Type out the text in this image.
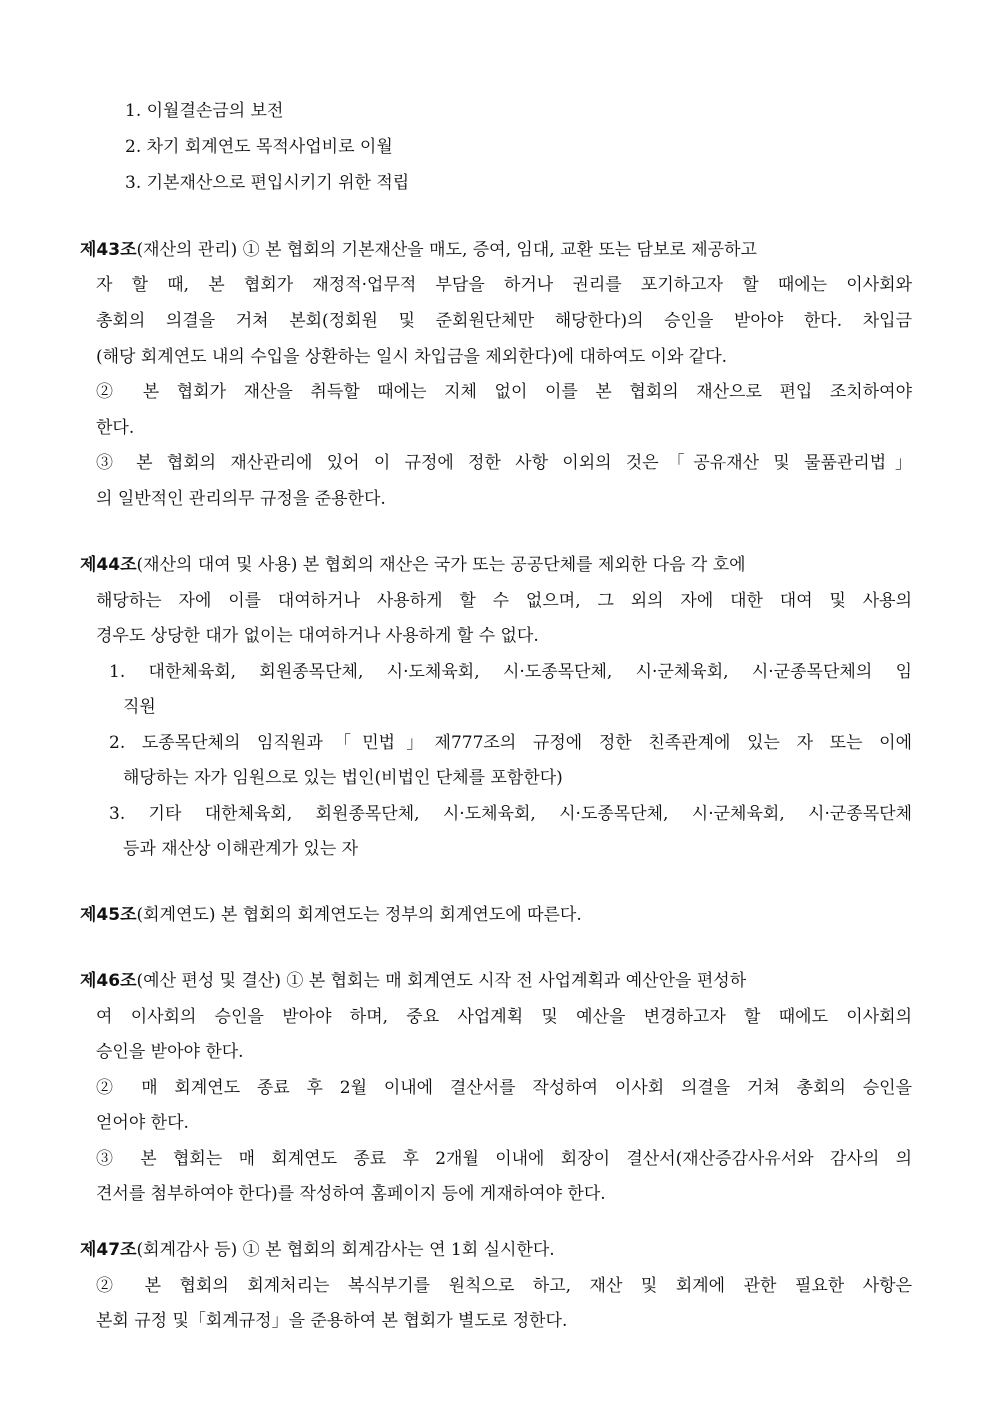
1. 이월결손금의 보전
2. 차기 회계연도 목적사업비로 이월
3. 기본재산으로 편입시키기 위한 적립
제43조(재산의 관리) ① 본 협회의 기본재산을 매도, 증여, 임대, 교환 또는 담보로 제공하고
자 할 때, 본 협회가 재정적·업무적 부담을 하거나 권리를 포기하고자 할 때에는 이사회와
총회의 의결을 거쳐 본회(정회원 및 준회원단체만 해당한다)의 승인을 받아야 한다. 차입금
(해당 회계연도 내의 수입을 상환하는 일시 차입금을 제외한다)에 대하여도 이와 같다.
② 본 협회가 재산을 취득할 때에는 지체 없이 이를 본 협회의 재산으로 편입 조치하여야
한다.
③ 본 협회의 재산관리에 있어 이 규정에 정한 사항 이외의 것은「공유재산 및 물품관리법」
의 일반적인 관리의무 규정을 준용한다.
제44조(재산의 대여 및 사용) 본 협회의 재산은 국가 또는 공공단체를 제외한 다음 각 호에
해당하는 자에 이를 대여하거나 사용하게 할 수 없으며, 그 외의 자에 대한 대여 및 사용의
경우도 상당한 대가 없이는 대여하거나 사용하게 할 수 없다.
1. 대한체육회, 회원종목단체, 시·도체육회, 시·도종목단체, 시·군체육회, 시·군종목단체의 임
직원
2. 도종목단체의 임직원과「민법」제777조의 규정에 정한 친족관계에 있는 자 또는 이에
해당하는 자가 임원으로 있는 법인(비법인 단체를 포함한다)
3. 기타 대한체육회, 회원종목단체, 시·도체육회, 시·도종목단체, 시·군체육회, 시·군종목단체
등과 재산상 이해관계가 있는 자
제45조(회계연도) 본 협회의 회계연도는 정부의 회계연도에 따른다.
제46조(예산 편성 및 결산) ① 본 협회는 매 회계연도 시작 전 사업계획과 예산안을 편성하
여 이사회의 승인을 받아야 하며, 중요 사업계획 및 예산을 변경하고자 할 때에도 이사회의
승인을 받아야 한다.
② 매 회계연도 종료 후 2월 이내에 결산서를 작성하여 이사회 의결을 거쳐 총회의 승인을
얻어야 한다.
③ 본 협회는 매 회계연도 종료 후 2개월 이내에 회장이 결산서(재산증감사유서와 감사의 의
견서를 첨부하여야 한다)를 작성하여 홈페이지 등에 게재하여야 한다.
제47조(회계감사 등) ① 본 협회의 회계감사는 연 1회 실시한다.
② 본 협회의 회계처리는 복식부기를 원칙으로 하고, 재산 및 회계에 관한 필요한 사항은
본회 규정 및「회계규정」을 준용하여 본 협회가 별도로 정한다.
